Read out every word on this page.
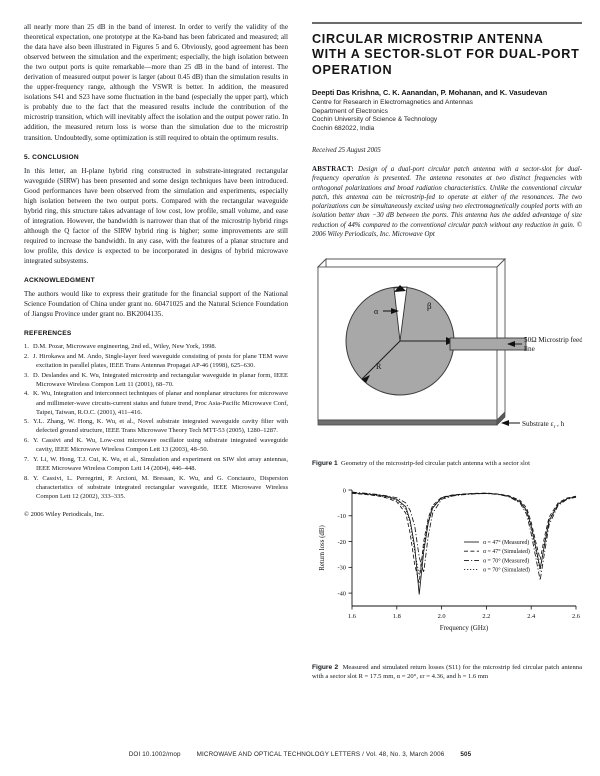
all nearly more than 25 dB in the band of interest. In order to verify the validity of the theoretical expectation, one prototype at the Ka-band has been fabricated and measured; all the data have also been illustrated in Figures 5 and 6. Obviously, good agreement has been observed between the simulation and the experiment; especially, the high isolation between the two output ports is quite remarkable—more than 25 dB in the band of interest. The derivation of measured output power is larger (about 0.45 dB) than the simulation results in the upper-frequency range, although the VSWR is better. In addition, the measured isolations S41 and S23 have some fluctuation in the band (especially the upper part), which is probably due to the fact that the measured results include the contribution of the microstrip transition, which will inevitably affect the isolation and the output power ratio. In addition, the measured return loss is worse than the simulation due to the microstrip transition. Undoubtedly, some optimization is still required to obtain the optimum results.

5. CONCLUSION

In this letter, an H-plane hybrid ring constructed in substrate-integrated rectangular waveguide (SIRW) has been presented and some design techniques have been introduced. Good performances have been observed from the simulation and experiments, especially high isolation between the two output ports. Compared with the rectangular waveguide hybrid ring, this structure takes advantage of low cost, low profile, small volume, and ease of integration. However, the bandwidth is narrower than that of the microstrip hybrid rings although the Q factor of the SIRW hybrid ring is higher; some improvements are still required to increase the bandwidth. In any case, with the features of a planar structure and low profile, this device is expected to be incorporated in designs of hybrid microwave integrated subsystems.

ACKNOWLEDGMENT

The authors would like to express their gratitude for the financial support of the National Science Foundation of China under grant no. 60471025 and the Natural Science Foundation of Jiangsu Province under grant no. BK2004135.

REFERENCES
1. D.M. Pozar, Microwave engineering, 2nd ed., Wiley, New York, 1998.
2. J. Hirokawa and M. Ando, Single-layer feed waveguide consisting of posts for plane TEM wave excitation in parallel plates, IEEE Trans Antennas Propagat AP-46 (1998), 625–630.
3. D. Deslandes and K. Wu, Integrated microstrip and rectangular waveguide in planar form, IEEE Microwave Wireless Compon Lett 11 (2001), 68–70.
4. K. Wu, Integration and interconnect techniques of planar and nonplanar structures for microwave and millimeter-wave circuits-current status and future trend, Proc Asia-Pacific Microwave Conf, Taipei, Taiwan, R.O.C. (2001), 411–416.
5. Y.L. Zhang, W. Hong, K. Wu, et al., Novel substrate integrated waveguide cavity filter with defected ground structure, IEEE Trans Microwave Theory Tech MTT-53 (2005), 1280–1287.
6. Y. Cassivi and K. Wu, Low-cost microwave oscillator using substrate integrated waveguide cavity, IEEE Microwave Wireless Compon Lett 13 (2003), 48–50.
7. Y. Li, W. Hong, T.J. Cui, K. Wu, et al., Simulation and experiment on SIW slot array antennas, IEEE Microwave Wireless Compon Lett 14 (2004), 446–448.
8. Y. Cassivi, L. Perregrini, P. Arcioni, M. Bressan, K. Wu, and G. Conciauro, Dispersion characteristics of substrate integrated rectangular waveguide, IEEE Microwave Wireless Compon Lett 12 (2002), 333–335.
© 2006 Wiley Periodicals, Inc.
CIRCULAR MICROSTRIP ANTENNA WITH A SECTOR-SLOT FOR DUAL-PORT OPERATION
Deepti Das Krishna, C. K. Aanandan, P. Mohanan, and K. Vasudevan
Centre for Research in Electromagnetics and Antennas
Department of Electronics
Cochin University of Science & Technology
Cochin 682022, India
Received 25 August 2005

ABSTRACT: Design of a dual-port circular patch antenna with a sector-slot for dual-frequency operation is presented. The antenna resonates at two distinct frequencies with orthogonal polarizations and broad radiation characteristics. Unlike the conventional circular patch, this antenna can be microstrip-fed to operate at either of the resonances. The two polarizations can be simultaneously excited using two electromagnetically coupled ports with an isolation better than −30 dB between the ports. This antenna has the added advantage of size reduction of 44% compared to the conventional circular patch without any reduction in gain. © 2006 Wiley Periodicals, Inc. Microwave Opt

α
β
R
50Ω Microstrip feed
line
Substrate $\varepsilon_r$ , h

Figure 1 Geometry of the microstrip-fed circular patch antenna with a sector slot

1.6	1.8	2.0	2.2	2.4	2.6
0
-10
-20
-30
-40
Frequency (GHz)
Return loss (dB)	α = 47° (Measured)
α = 47° (Simulated)
α = 70° (Measured)
α = 70° (Simulated)

Figure 2 Measured and simulated return losses (S11) for the microstrip fed circular patch antenna with a sector slot R = 17.5 mm, α = 20°, εr = 4.36, and h = 1.6 mm

DOI 10.1002/mop	MICROWAVE AND OPTICAL TECHNOLOGY LETTERS / Vol. 48, No. 3, March 2006	505
